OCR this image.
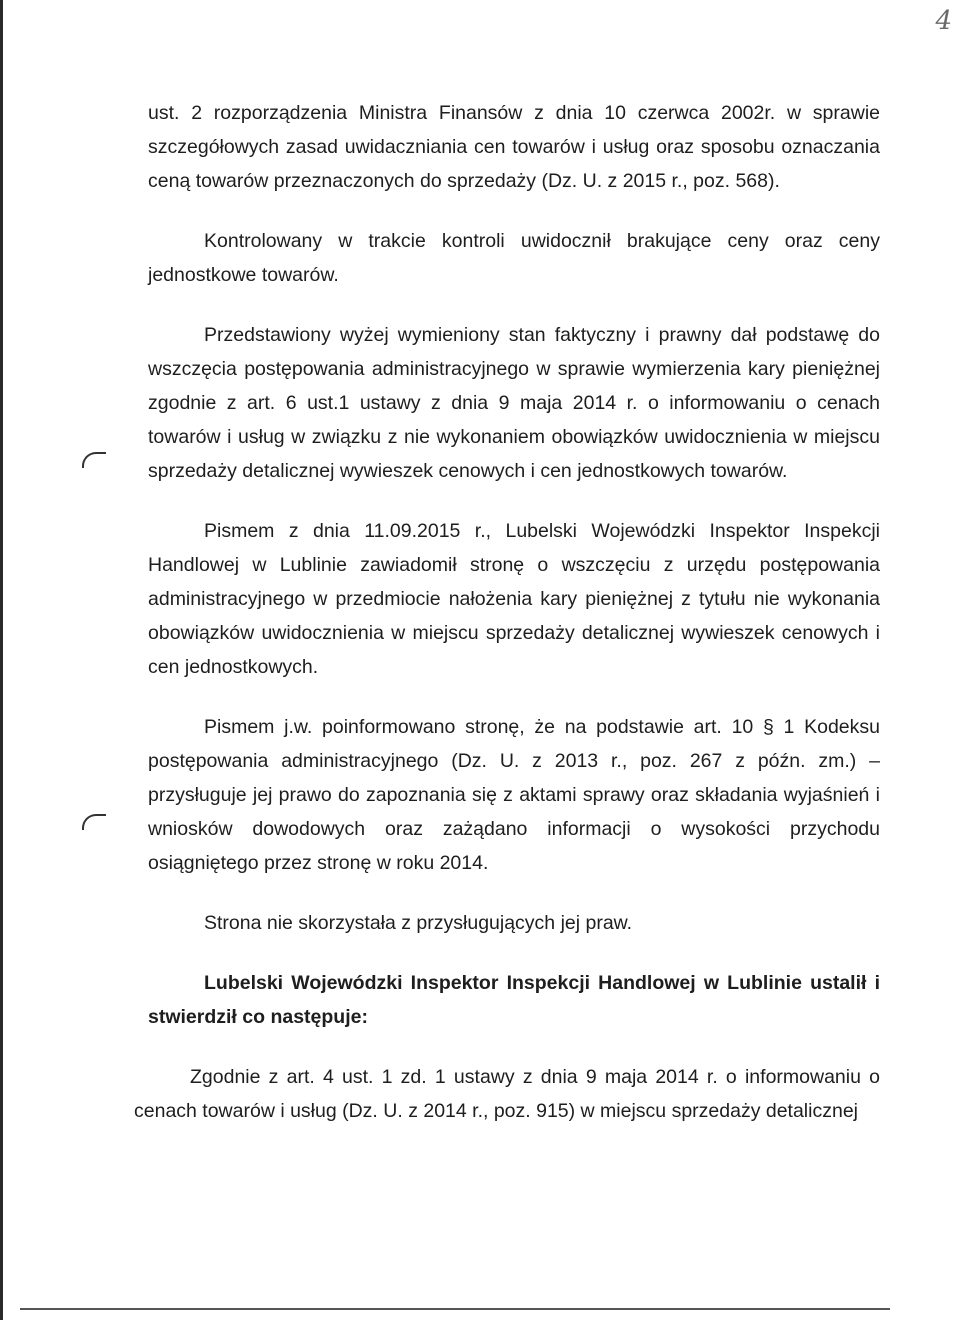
4

ust. 2 rozporządzenia Ministra Finansów z dnia 10 czerwca 2002r. w sprawie szczegółowych zasad uwidaczniania cen towarów i usług oraz sposobu oznaczania ceną towarów przeznaczonych do sprzedaży (Dz. U. z 2015 r., poz. 568).

Kontrolowany w trakcie kontroli uwidocznił brakujące ceny oraz ceny jednostkowe towarów.

Przedstawiony wyżej wymieniony stan faktyczny i prawny dał podstawę do wszczęcia postępowania administracyjnego w sprawie wymierzenia kary pieniężnej zgodnie z art. 6 ust.1 ustawy z dnia 9 maja 2014 r. o informowaniu o cenach towarów i usług w związku z nie wykonaniem obowiązków uwidocznienia w miejscu sprzedaży detalicznej wywieszek cenowych i cen jednostkowych towarów.

Pismem z dnia 11.09.2015 r., Lubelski Wojewódzki Inspektor Inspekcji Handlowej w Lublinie zawiadomił stronę o wszczęciu z urzędu postępowania administracyjnego w przedmiocie nałożenia kary pieniężnej z tytułu nie wykonania obowiązków uwidocznienia w miejscu sprzedaży detalicznej wywieszek cenowych i cen jednostkowych.

Pismem j.w. poinformowano stronę, że na podstawie art. 10 § 1 Kodeksu postępowania administracyjnego (Dz. U. z 2013 r., poz. 267 z późn. zm.) – przysługuje jej prawo do zapoznania się z aktami sprawy oraz składania wyjaśnień i wniosków dowodowych oraz zażądano informacji o wysokości przychodu osiągniętego przez stronę w roku 2014.

Strona nie skorzystała z przysługujących jej praw.

Lubelski Wojewódzki Inspektor Inspekcji Handlowej w Lublinie ustalił i stwierdził co następuje:

Zgodnie z art. 4 ust. 1 zd. 1 ustawy z dnia 9 maja 2014 r. o informowaniu o cenach towarów i usług (Dz. U. z 2014 r., poz. 915) w miejscu sprzedaży detalicznej
